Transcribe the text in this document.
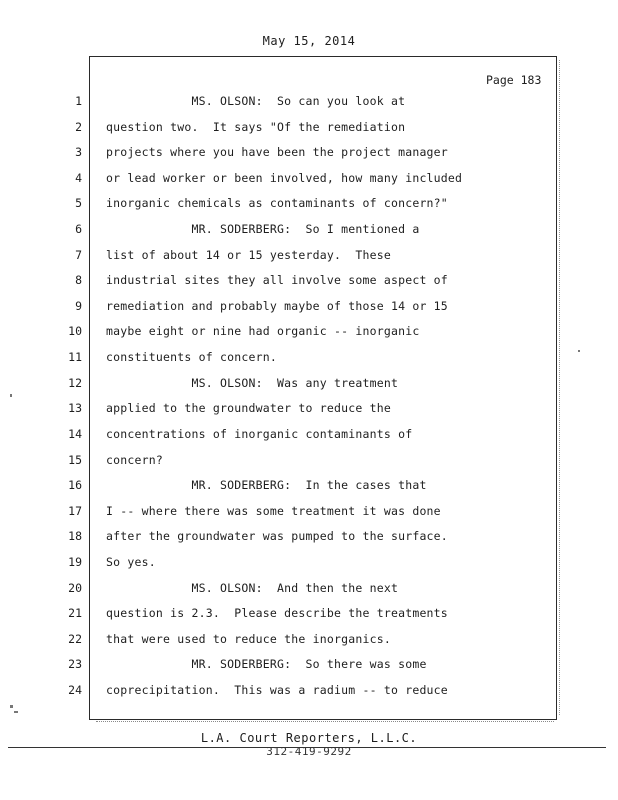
May 15, 2014
Page 183
1 MS. OLSON:  So can you look at
2 question two.  It says "Of the remediation
3 projects where you have been the project manager
4 or lead worker or been involved, how many included
5 inorganic chemicals as contaminants of concern?"
6 MR. SODERBERG:  So I mentioned a
7 list of about 14 or 15 yesterday.  These
8 industrial sites they all involve some aspect of
9 remediation and probably maybe of those 14 or 15
10 maybe eight or nine had organic -- inorganic
11 constituents of concern.
12 MS. OLSON:  Was any treatment
13 applied to the groundwater to reduce the
14 concentrations of inorganic contaminants of
15 concern?
16 MR. SODERBERG:  In the cases that
17 I -- where there was some treatment it was done
18 after the groundwater was pumped to the surface.
19 So yes.
20 MS. OLSON:  And then the next
21 question is 2.3.  Please describe the treatments
22 that were used to reduce the inorganics.
23 MR. SODERBERG:  So there was some
24 coprecipitation.  This was a radium -- to reduce
L.A. Court Reporters, L.L.C.
312-419-9292
